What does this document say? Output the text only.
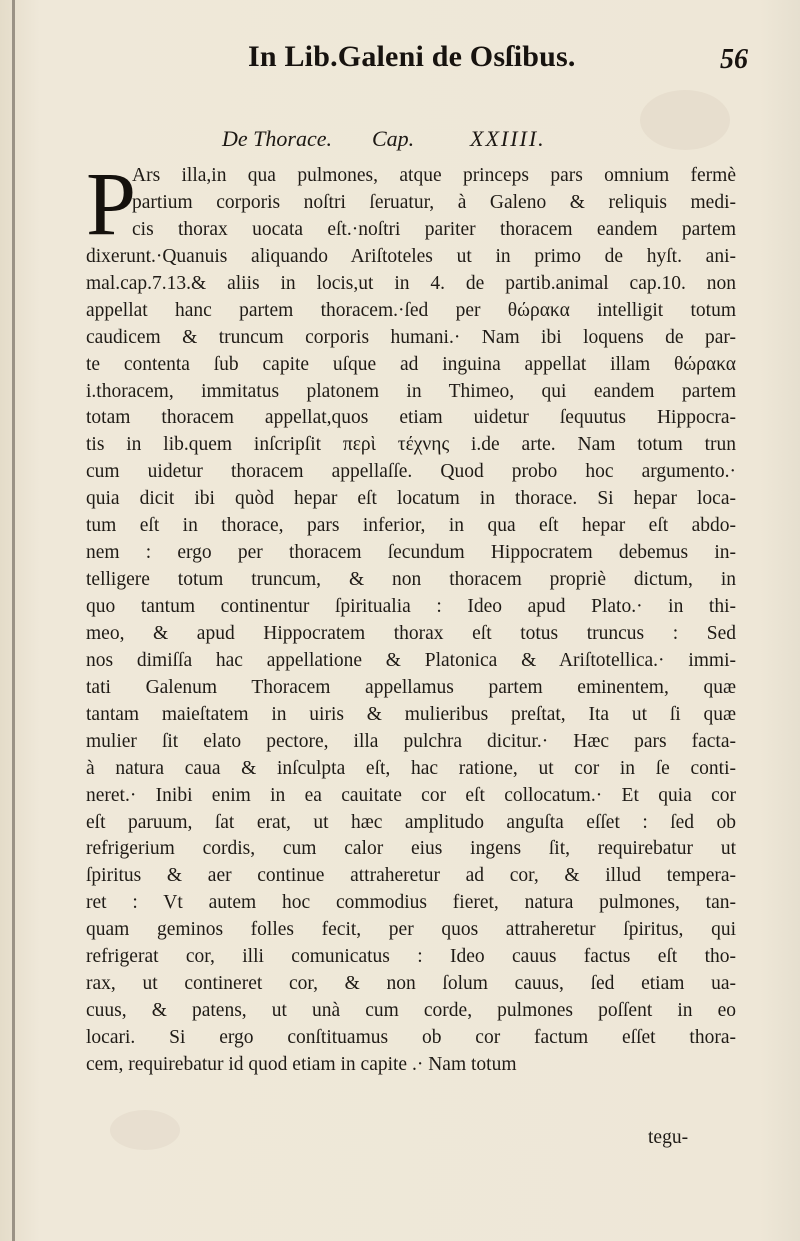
In Lib.Galeni de Osſibus.	56
De Thorace. Cap.	XXIIII.
P
Ars illa,in qua pulmones, atque princeps pars omnium fermè
partium corporis noſtri ſeruatur, à Galeno & reliquis medi-
cis thorax uocata eſt.·noſtri pariter thoracem eandem partem
dixerunt.·Quanuis aliquando Ariſtoteles ut in primo de hyſt. ani-
mal.cap.7.13.& aliis in locis,ut in 4. de partib.animal cap.10. non
appellat hanc partem thoracem.·ſed per θώρακα intelligit totum
caudicem & truncum corporis humani.· Nam ibi loquens de par-
te contenta ſub capite uſque ad inguina appellat illam θώρακα
i.thoracem, immitatus platonem in Thimeo, qui eandem partem
totam thoracem appellat,quos etiam uidetur ſequutus Hippocra-
tis in lib.quem inſcripſit περὶ τέχνης i.de arte. Nam totum trun
cum uidetur thoracem appellaſſe. Quod probo hoc argumento.·
quia dicit ibi quòd hepar eſt locatum in thorace. Si hepar loca-
tum eſt in thorace, pars inferior, in qua eſt hepar eſt abdo-
nem : ergo per thoracem ſecundum Hippocratem debemus in-
telligere totum truncum, & non thoracem propriè dictum, in
quo tantum continentur ſpiritualia : Ideo apud Plato.· in thi-
meo, & apud Hippocratem thorax eſt totus truncus : Sed
nos dimiſſa hac appellatione & Platonica & Ariſtotellica.· immi-
tati Galenum Thoracem appellamus partem eminentem, quæ
tantam maieſtatem in uiris & mulieribus preſtat, Ita ut ſi quæ
mulier ſit elato pectore, illa pulchra dicitur.· Hæc pars facta-
à natura caua & inſculpta eſt, hac ratione, ut cor in ſe conti-
neret.· Inibi enim in ea cauitate cor eſt collocatum.· Et quia cor
eſt paruum, ſat erat, ut hæc amplitudo anguſta eſſet : ſed ob
refrigerium cordis, cum calor eius ingens ſit, requirebatur ut
ſpiritus & aer continue attraheretur ad cor, & illud tempera-
ret : Vt autem hoc commodius fieret, natura pulmones, tan-
quam geminos folles fecit, per quos attraheretur ſpiritus, qui
refrigerat cor, illi comunicatus : Ideo cauus factus eſt tho-
rax, ut contineret cor, & non ſolum cauus, ſed etiam ua-
cuus, & patens, ut unà cum corde, pulmones poſſent in eo
locari. Si ergo conſtituamus ob cor factum eſſet thora-
cem, requirebatur id quod etiam in capite .· Nam totum
tegu-
